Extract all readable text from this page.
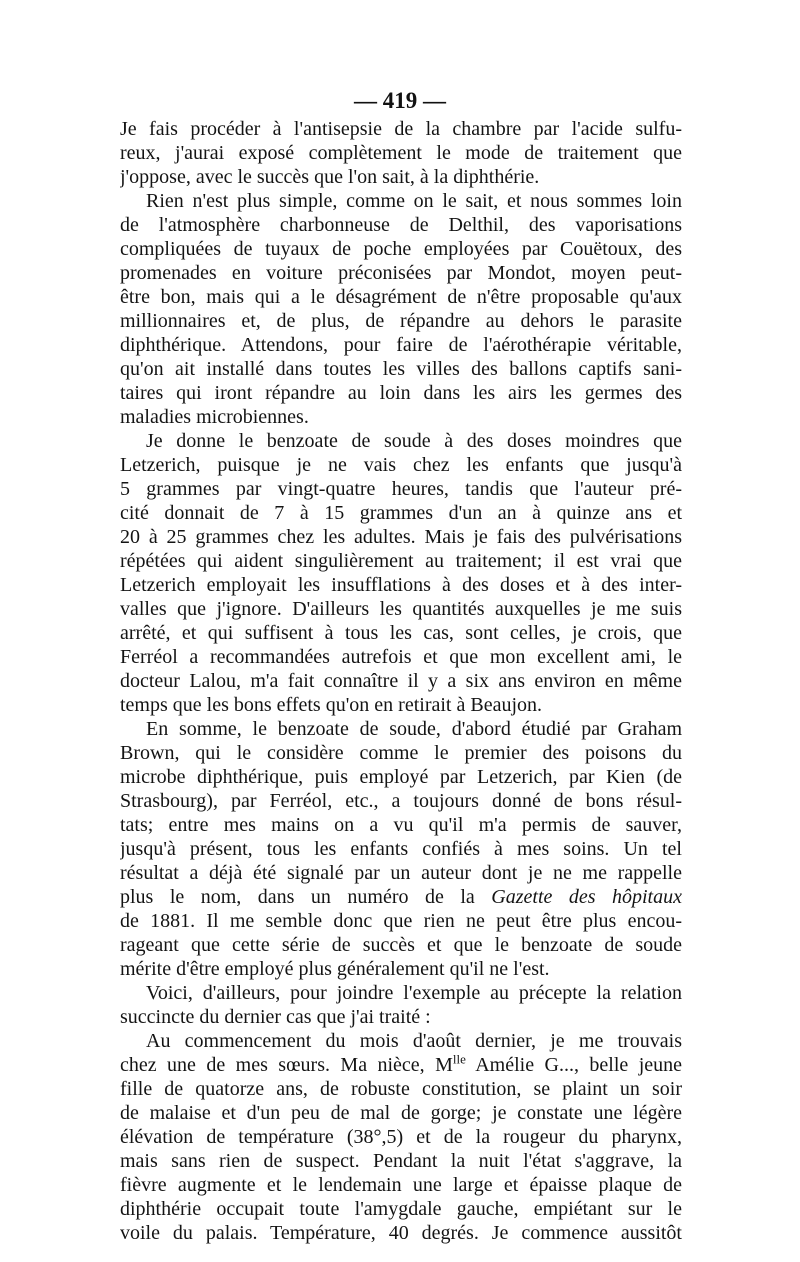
— 419 —
Je fais procéder à l'antisepsie de la chambre par l'acide sulfu-
reux, j'aurai exposé complètement le mode de traitement que
j'oppose, avec le succès que l'on sait, à la diphthérie.
Rien n'est plus simple, comme on le sait, et nous sommes loin
de l'atmosphère charbonneuse de Delthil, des vaporisations
compliquées de tuyaux de poche employées par Couëtoux, des
promenades en voiture préconisées par Mondot, moyen peut-
être bon, mais qui a le désagrément de n'être proposable qu'aux
millionnaires et, de plus, de répandre au dehors le parasite
diphthérique. Attendons, pour faire de l'aérothérapie véritable,
qu'on ait installé dans toutes les villes des ballons captifs sani-
taires qui iront répandre au loin dans les airs les germes des
maladies microbiennes.
Je donne le benzoate de soude à des doses moindres que
Letzerich, puisque je ne vais chez les enfants que jusqu'à
5 grammes par vingt-quatre heures, tandis que l'auteur pré-
cité donnait de 7 à 15 grammes d'un an à quinze ans et
20 à 25 grammes chez les adultes. Mais je fais des pulvérisations
répétées qui aident singulièrement au traitement; il est vrai que
Letzerich employait les insufflations à des doses et à des inter-
valles que j'ignore. D'ailleurs les quantités auxquelles je me suis
arrêté, et qui suffisent à tous les cas, sont celles, je crois, que
Ferréol a recommandées autrefois et que mon excellent ami, le
docteur Lalou, m'a fait connaître il y a six ans environ en même
temps que les bons effets qu'on en retirait à Beaujon.
En somme, le benzoate de soude, d'abord étudié par Graham
Brown, qui le considère comme le premier des poisons du
microbe diphthérique, puis employé par Letzerich, par Kien (de
Strasbourg), par Ferréol, etc., a toujours donné de bons résul-
tats; entre mes mains on a vu qu'il m'a permis de sauver,
jusqu'à présent, tous les enfants confiés à mes soins. Un tel
résultat a déjà été signalé par un auteur dont je ne me rappelle
plus le nom, dans un numéro de la Gazette des hôpitaux
de 1881. Il me semble donc que rien ne peut être plus encou-
rageant que cette série de succès et que le benzoate de soude
mérite d'être employé plus généralement qu'il ne l'est.
Voici, d'ailleurs, pour joindre l'exemple au précepte la relation
succincte du dernier cas que j'ai traité :
Au commencement du mois d'août dernier, je me trouvais
chez une de mes sœurs. Ma nièce, $M^{lle}$ Amélie G..., belle jeune
fille de quatorze ans, de robuste constitution, se plaint un soir
de malaise et d'un peu de mal de gorge; je constate une légère
élévation de température (38°,5) et de la rougeur du pharynx,
mais sans rien de suspect. Pendant la nuit l'état s'aggrave, la
fièvre augmente et le lendemain une large et épaisse plaque de
diphthérie occupait toute l'amygdale gauche, empiétant sur le
voile du palais. Température, 40 degrés. Je commence aussitôt
